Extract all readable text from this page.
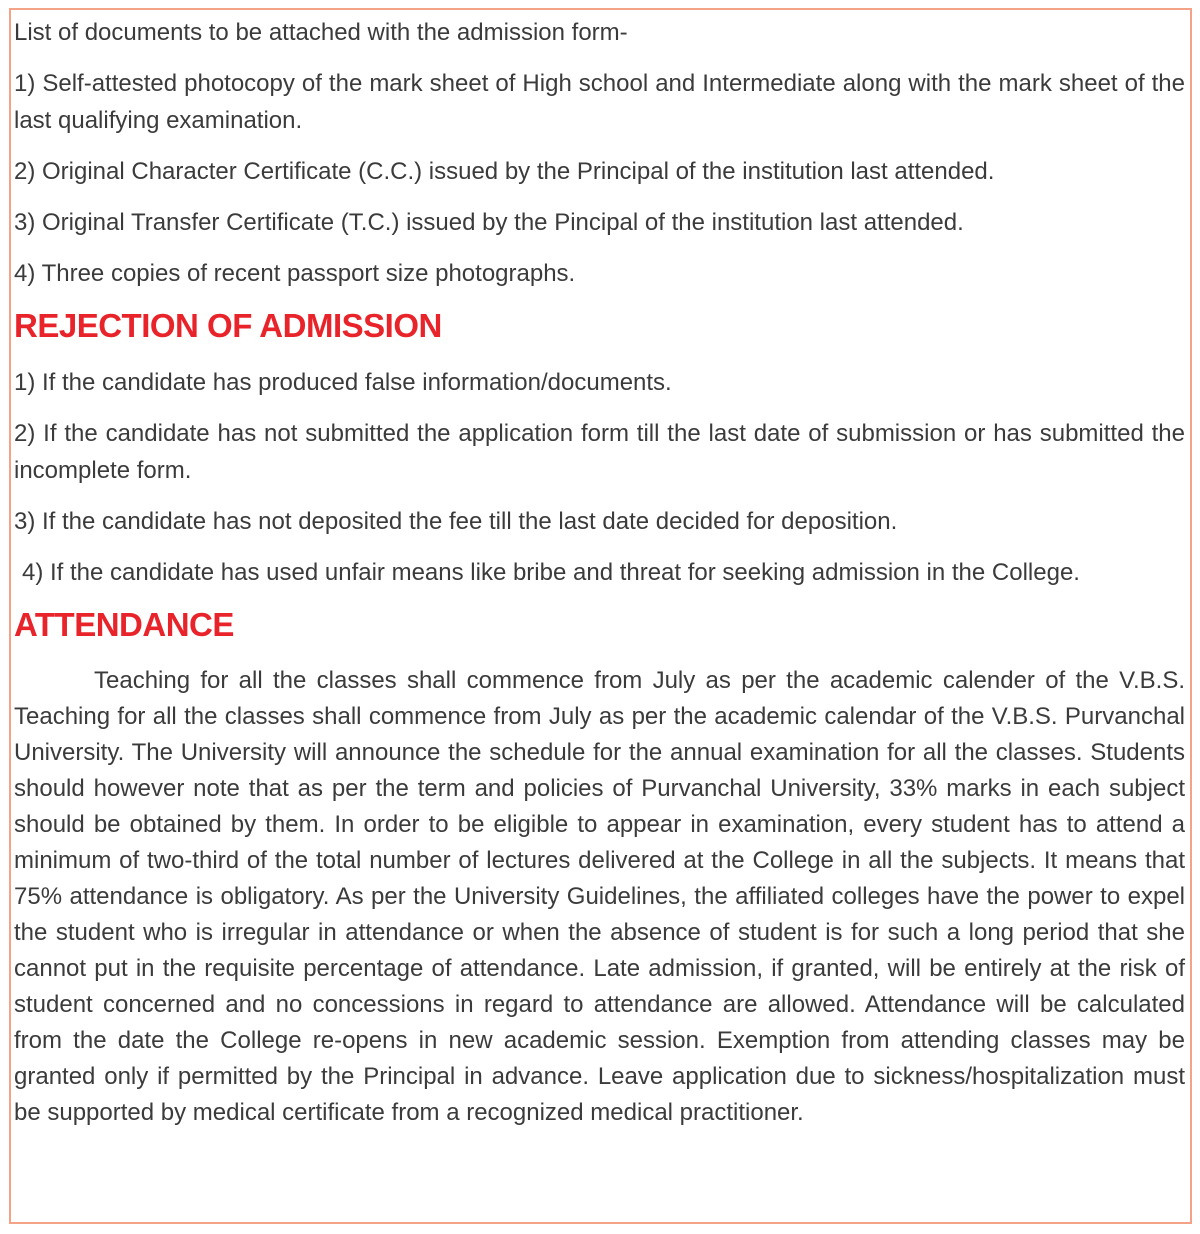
List of documents to be attached with the admission form-

1) Self-attested photocopy of the mark sheet of High school and Intermediate along with the mark sheet of the last qualifying examination.

2) Original Character Certificate (C.C.) issued by the Principal of the institution last attended.

3) Original Transfer Certificate (T.C.) issued by the Pincipal of the institution last attended.

4) Three copies of recent passport size photographs.

REJECTION OF ADMISSION

1) If the candidate has produced false information/documents.

2) If the candidate has not submitted the application form till the last date of submission or has submitted the incomplete form.

3) If the candidate has not deposited the fee till the last date decided for deposition.

4) If the candidate has used unfair means like bribe and threat for seeking admission in the College.

ATTENDANCE

Teaching for all the classes shall commence from July as per the academic calender of the V.B.S. Teaching for all the classes shall commence from July as per the academic calendar of the V.B.S. Purvanchal University. The University will announce the schedule for the annual examination for all the classes. Students should however note that as per the term and policies of Purvanchal University, 33% marks in each subject should be obtained by them. In order to be eligible to appear in examination, every student has to attend a minimum of two-third of the total number of lectures delivered at the College in all the subjects. It means that 75% attendance is obligatory. As per the University Guidelines, the affiliated colleges have the power to expel the student who is irregular in attendance or when the absence of student is for such a long period that she cannot put in the requisite percentage of attendance. Late admission, if granted, will be entirely at the risk of student concerned and no concessions in regard to attendance are allowed. Attendance will be calculated from the date the College re-opens in new academic session. Exemption from attending classes may be granted only if permitted by the Principal in advance. Leave application due to sickness/hospitalization must be supported by medical certificate from a recognized medical practitioner.
